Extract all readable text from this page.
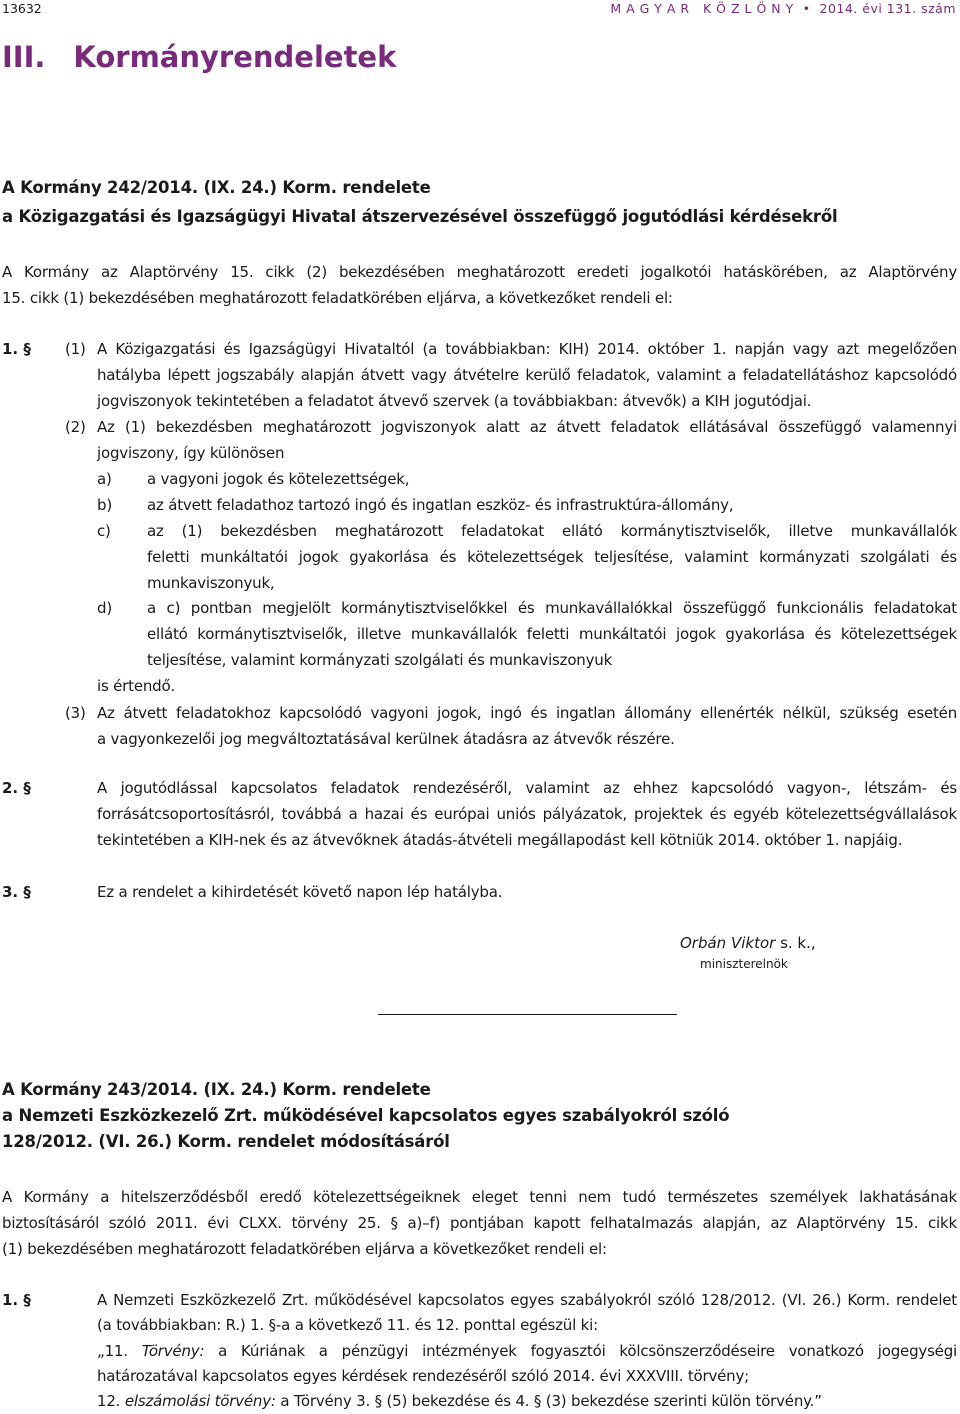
13632	M A G Y A R   K Ö Z L Ö N Y  •  2014. évi 131. szám
III. Kormányrendeletek
A Kormány 242/2014. (IX. 24.) Korm. rendelete
a Közigazgatási és Igazságügyi Hivatal átszervezésével összefüggő jogutódlási kérdésekről
A Kormány az Alaptörvény 15. cikk (2) bekezdésében meghatározott eredeti jogalkotói hatáskörében, az Alaptörvény
15. cikk (1) bekezdésében meghatározott feladatkörében eljárva, a következőket rendeli el:
1. § (1) A Közigazgatási és Igazságügyi Hivataltól (a továbbiakban: KIH) 2014. október 1. napján vagy azt megelőzően
hatályba lépett jogszabály alapján átvett vagy átvételre kerülő feladatok, valamint a feladatellátáshoz kapcsolódó
jogviszonyok tekintetében a feladatot átvevő szervek (a továbbiakban: átvevők) a KIH jogutódjai.
(2) Az (1) bekezdésben meghatározott jogviszonyok alatt az átvett feladatok ellátásával összefüggő valamennyi
jogviszony, így különösen
a) a vagyoni jogok és kötelezettségek,
b) az átvett feladathoz tartozó ingó és ingatlan eszköz- és infrastruktúra-állomány,
c) az (1) bekezdésben meghatározott feladatokat ellátó kormánytisztviselők, illetve munkavállalók
feletti munkáltatói jogok gyakorlása és kötelezettségek teljesítése, valamint kormányzati szolgálati és
munkaviszonyuk,
d) a c) pontban megjelölt kormánytisztviselőkkel és munkavállalókkal összefüggő funkcionális feladatokat
ellátó kormánytisztviselők, illetve munkavállalók feletti munkáltatói jogok gyakorlása és kötelezettségek
teljesítése, valamint kormányzati szolgálati és munkaviszonyuk
is értendő.
(3) Az átvett feladatokhoz kapcsolódó vagyoni jogok, ingó és ingatlan állomány ellenérték nélkül, szükség esetén
a vagyonkezelői jog megváltoztatásával kerülnek átadásra az átvevők részére.
2. §	A jogutódlással kapcsolatos feladatok rendezéséről, valamint az ehhez kapcsolódó vagyon-, létszám- és
forrásátcsoportosításról, továbbá a hazai és európai uniós pályázatok, projektek és egyéb kötelezettségvállalások
tekintetében a KIH-nek és az átvevőknek átadás-átvételi megállapodást kell kötniük 2014. október 1. napjáig.
3. §	Ez a rendelet a kihirdetését követő napon lép hatályba.
Orbán Viktor s. k.,
miniszterelnök
A Kormány 243/2014. (IX. 24.) Korm. rendelete
a Nemzeti Eszközkezelő Zrt. működésével kapcsolatos egyes szabályokról szóló
128/2012. (VI. 26.) Korm. rendelet módosításáról
A Kormány a hitelszerződésből eredő kötelezettségeiknek eleget tenni nem tudó természetes személyek lakhatásának
biztosításáról szóló 2011. évi CLXX. törvény 25. § a)–f) pontjában kapott felhatalmazás alapján, az Alaptörvény 15. cikk
(1) bekezdésében meghatározott feladatkörében eljárva a következőket rendeli el:
1. §	A Nemzeti Eszközkezelő Zrt. működésével kapcsolatos egyes szabályokról szóló 128/2012. (VI. 26.) Korm. rendelet
(a továbbiakban: R.) 1. §-a a következő 11. és 12. ponttal egészül ki:
„11. Törvény: a Kúriának a pénzügyi intézmények fogyasztói kölcsönszerződéseire vonatkozó jogegységi
határozatával kapcsolatos egyes kérdések rendezéséről szóló 2014. évi XXXVIII. törvény;
12. elszámolási törvény: a Törvény 3. § (5) bekezdése és 4. § (3) bekezdése szerinti külön törvény.”
